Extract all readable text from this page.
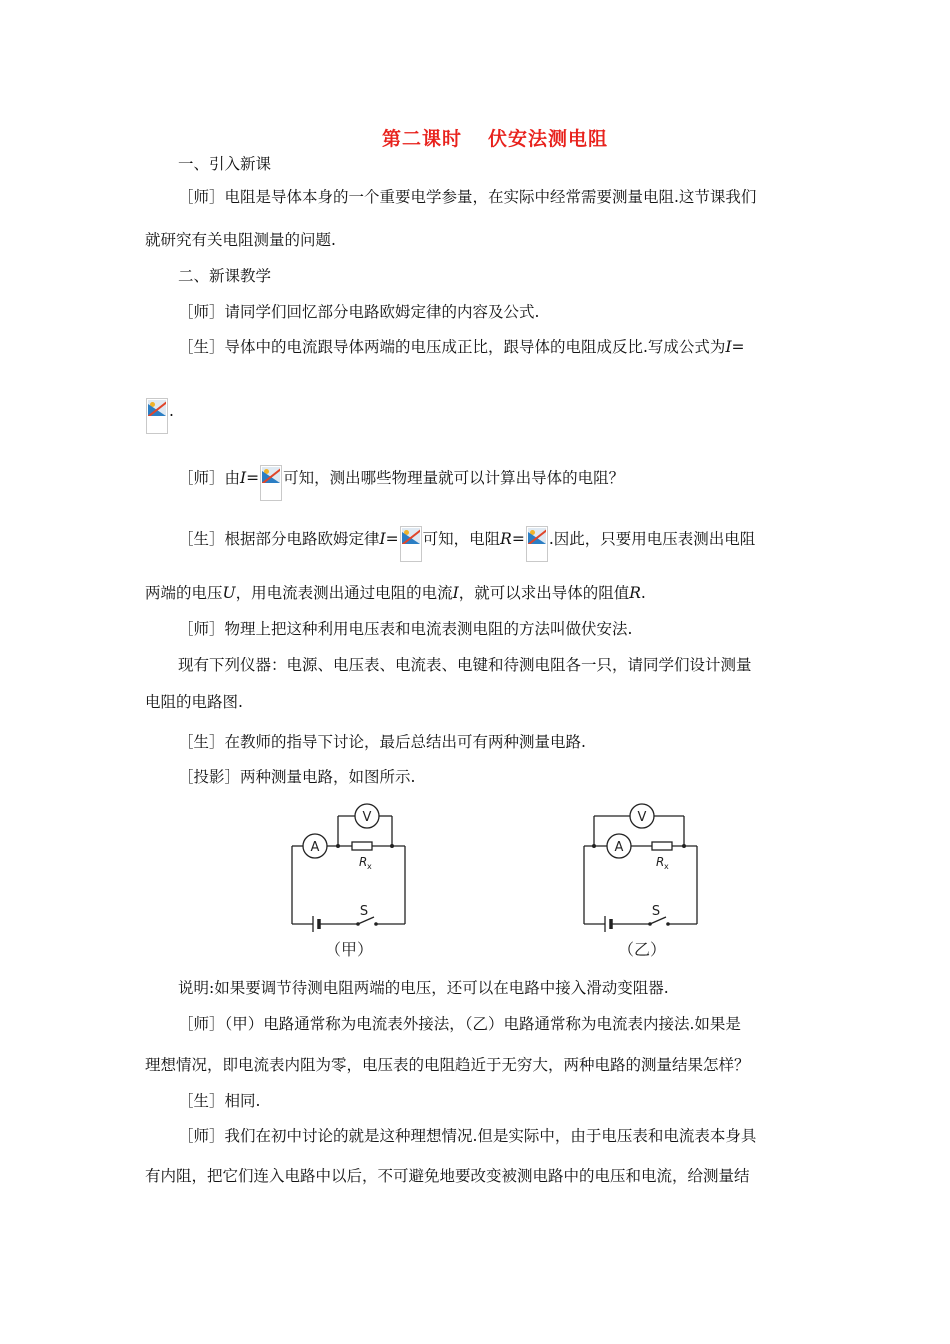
第二课时 伏安法测电阻
一、引入新课
［师］电阻是导体本身的一个重要电学参量，在实际中经常需要测量电阻.这节课我们
就研究有关电阻测量的问题.
二、新课教学
［师］请同学们回忆部分电路欧姆定律的内容及公式.
［生］导体中的电流跟导体两端的电压成正比，跟导体的电阻成反比.写成公式为I=
.
［师］由I= 可知，测出哪些物理量就可以计算出导体的电阻？
［生］根据部分电路欧姆定律I= 可知，电阻R= .因此，只要用电压表测出电阻
两端的电压U，用电流表测出通过电阻的电流I，就可以求出导体的阻值R.
［师］物理上把这种利用电压表和电流表测电阻的方法叫做伏安法.
现有下列仪器：电源、电压表、电流表、电键和待测电阻各一只，请同学们设计测量
电阻的电路图.
［生］在教师的指导下讨论，最后总结出可有两种测量电路.
［投影］两种测量电路，如图所示.
A
V
R x
S
（甲）
A
V
R x
S
（乙）
说明:如果要调节待测电阻两端的电压，还可以在电路中接入滑动变阻器.
［师］（甲）电路通常称为电流表外接法，（乙）电路通常称为电流表内接法.如果是
理想情况，即电流表内阻为零，电压表的电阻趋近于无穷大，两种电路的测量结果怎样？
［生］相同.
［师］我们在初中讨论的就是这种理想情况.但是实际中，由于电压表和电流表本身具
有内阻，把它们连入电路中以后，不可避免地要改变被测电路中的电压和电流，给测量结
